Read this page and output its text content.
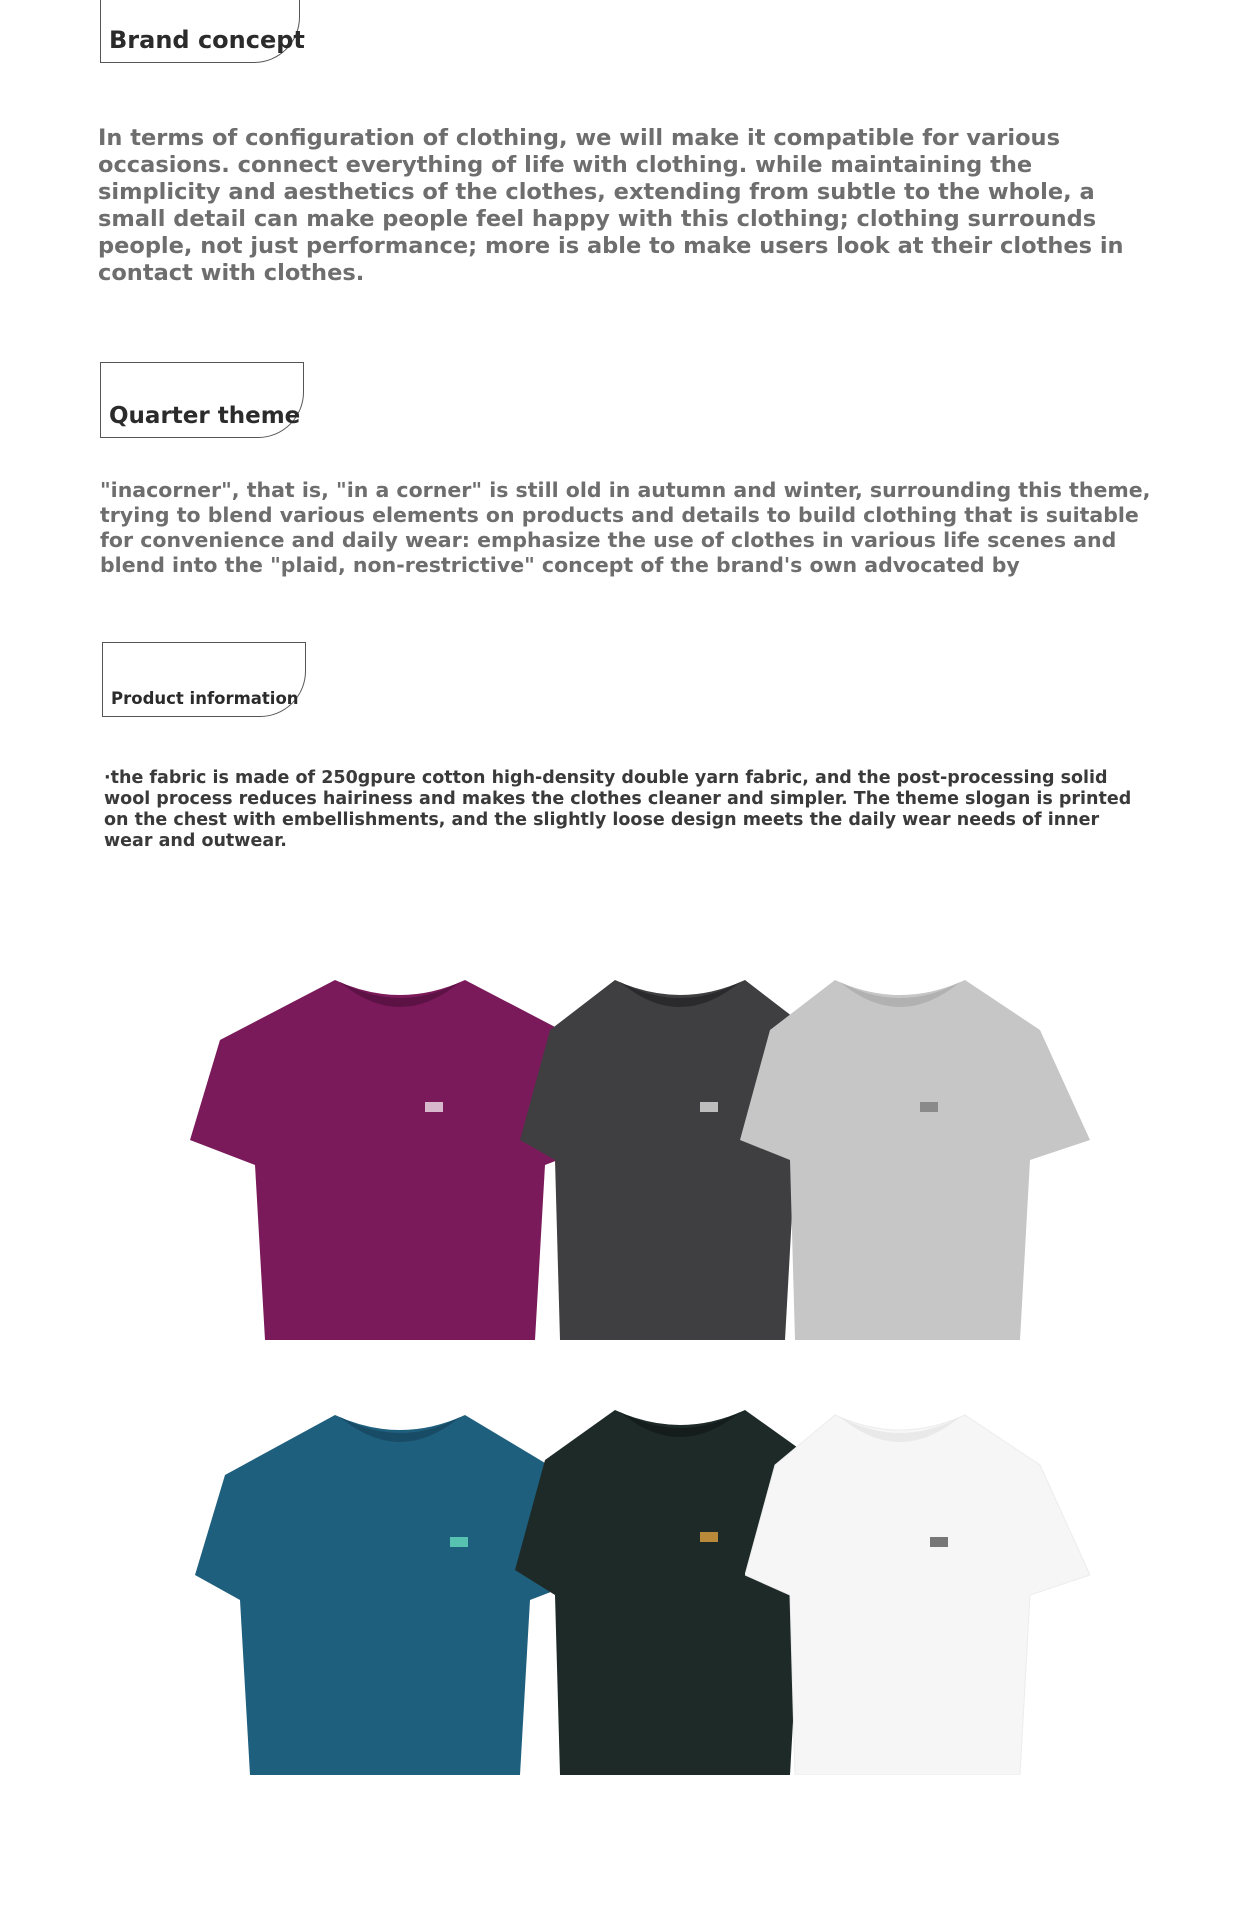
Brand concept

In terms of configuration of clothing, we will make it compatible for various occasions. connect everything of life with clothing. while maintaining the simplicity and aesthetics of the clothes, extending from subtle to the whole, a small detail can make people feel happy with this clothing; clothing surrounds people, not just performance; more is able to make users look at their clothes in contact with clothes.

Quarter theme

"inacorner", that is, "in a corner" is still old in autumn and winter, surrounding this theme, trying to blend various elements on products and details to build clothing that is suitable for convenience and daily wear: emphasize the use of clothes in various life scenes and blend into the "plaid, non-restrictive" concept of the brand's own advocated by

Product information

·the fabric is made of 250gpure cotton high-density double yarn fabric, and the post-processing solid wool process reduces hairiness and makes the clothes cleaner and simpler. The theme slogan is printed on the chest with embellishments, and the slightly loose design meets the daily wear needs of inner wear and outwear.
